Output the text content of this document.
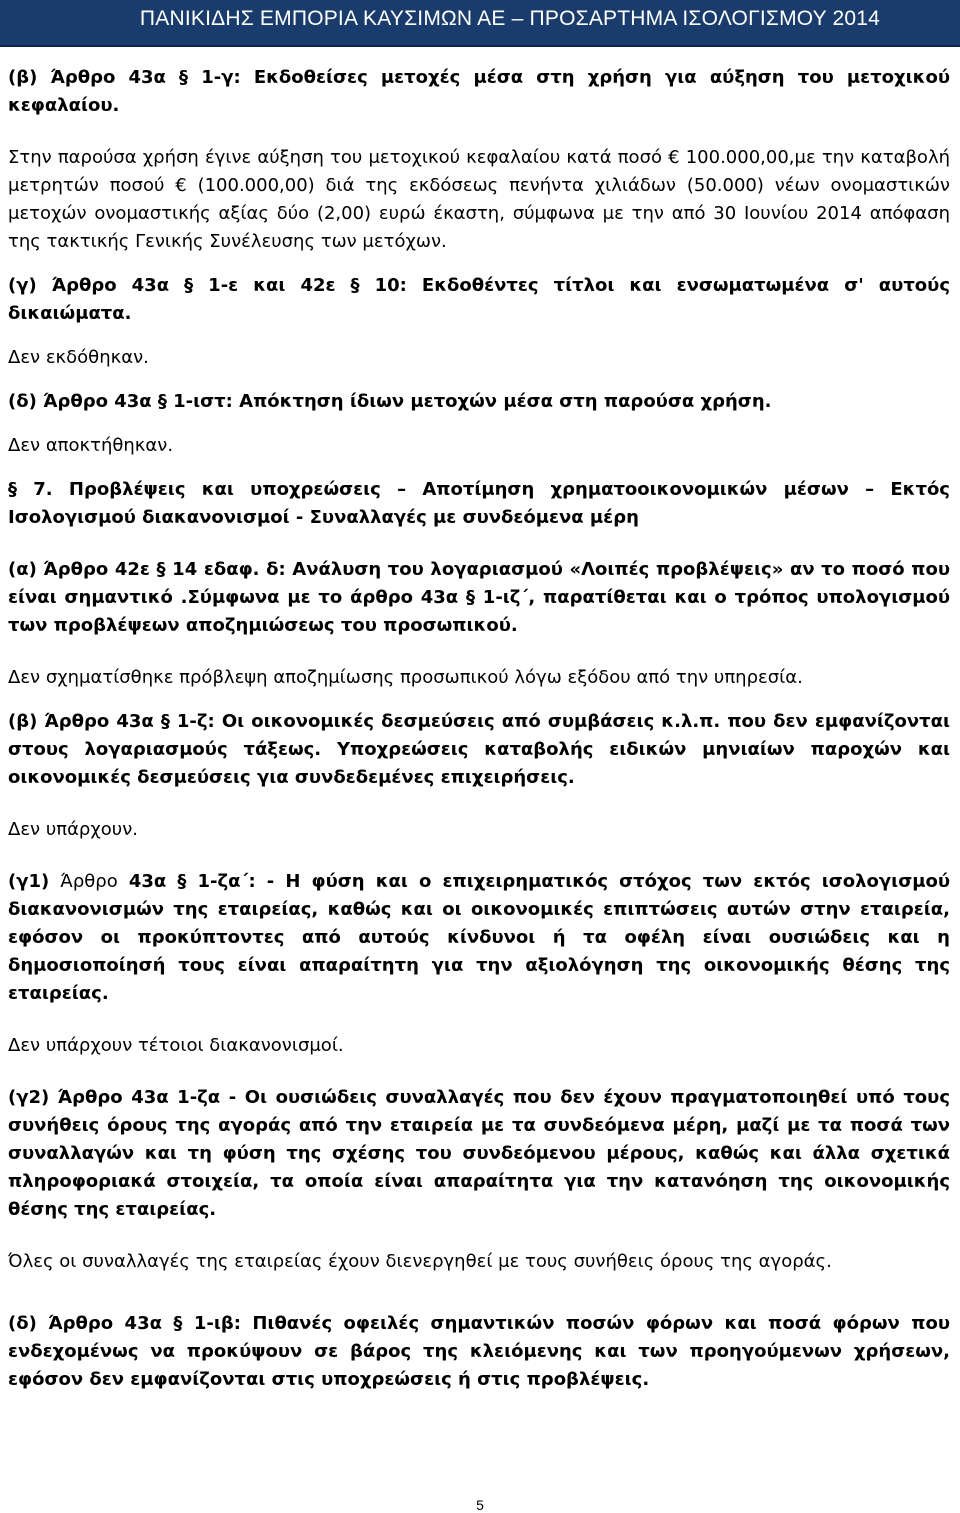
ΠΑΝΙΚΙΔΗΣ ΕΜΠΟΡΙΑ ΚΑΥΣΙΜΩΝ ΑΕ – ΠΡΟΣΑΡΤΗΜΑ ΙΣΟΛΟΓΙΣΜΟΥ 2014

(β) Άρθρο 43α § 1-γ: Εκδοθείσες μετοχές μέσα στη χρήση για αύξηση του μετοχικού κεφαλαίου.

Στην παρούσα χρήση έγινε αύξηση του μετοχικού κεφαλαίου κατά ποσό € 100.000,00,με την καταβολή μετρητών ποσού € (100.000,00) διά της εκδόσεως πενήντα χιλιάδων (50.000) νέων ονομαστικών μετοχών ονομαστικής αξίας δύο (2,00) ευρώ έκαστη, σύμφωνα με την από 30 Ιουνίου 2014 απόφαση της τακτικής Γενικής Συνέλευσης των μετόχων.

(γ) Άρθρο 43α § 1-ε και 42ε § 10: Εκδοθέντες τίτλοι και ενσωματωμένα σ' αυτούς δικαιώματα.

Δεν εκδόθηκαν.

(δ) Άρθρο 43α § 1-ιστ: Απόκτηση ίδιων μετοχών μέσα στη παρούσα χρήση.

Δεν αποκτήθηκαν.

§ 7. Προβλέψεις και υποχρεώσεις – Αποτίμηση χρηματοοικονομικών μέσων – Εκτός Ισολογισμού διακανονισμοί - Συναλλαγές με συνδεόμενα μέρη

(α) Άρθρο 42ε § 14 εδαφ. δ: Ανάλυση του λογαριασμού «Λοιπές προβλέψεις» αν το ποσό που είναι σημαντικό .Σύμφωνα με το άρθρο 43α § 1-ιζ΄, παρατίθεται και ο τρόπος υπολογισμού των προβλέψεων αποζημιώσεως του προσωπικού.

Δεν σχηματίσθηκε πρόβλεψη αποζημίωσης προσωπικού λόγω εξόδου από την υπηρεσία.

(β) Άρθρο 43α § 1-ζ: Οι οικονομικές δεσμεύσεις από συμβάσεις κ.λ.π. που δεν εμφανίζονται στους λογαριασμούς τάξεως. Υποχρεώσεις καταβολής ειδικών μηνιαίων παροχών και οικονομικές δεσμεύσεις για συνδεδεμένες επιχειρήσεις.

Δεν υπάρχουν.

(γ1) Άρθρο 43α § 1-ζα΄: - Η φύση και ο επιχειρηματικός στόχος των εκτός ισολογισμού διακανονισμών της εταιρείας, καθώς και οι οικονομικές επιπτώσεις αυτών στην εταιρεία, εφόσον οι προκύπτοντες από αυτούς κίνδυνοι ή τα οφέλη είναι ουσιώδεις και η δημοσιοποίησή τους είναι απαραίτητη για την αξιολόγηση της οικονομικής θέσης της εταιρείας.

Δεν υπάρχουν τέτοιοι διακανονισμοί.

(γ2) Άρθρο 43α 1-ζα - Οι ουσιώδεις συναλλαγές που δεν έχουν πραγματοποιηθεί υπό τους συνήθεις όρους της αγοράς από την εταιρεία με τα συνδεόμενα μέρη, μαζί με τα ποσά των συναλλαγών και τη φύση της σχέσης του συνδεόμενου μέρους, καθώς και άλλα σχετικά πληροφοριακά στοιχεία, τα οποία είναι απαραίτητα για την κατανόηση της οικονομικής θέσης της εταιρείας.

Όλες οι συναλλαγές της εταιρείας έχουν διενεργηθεί με τους συνήθεις όρους της αγοράς.

(δ) Άρθρο 43α § 1-ιβ: Πιθανές οφειλές σημαντικών ποσών φόρων και ποσά φόρων που ενδεχομένως να προκύψουν σε βάρος της κλειόμενης και των προηγούμενων χρήσεων, εφόσον δεν εμφανίζονται στις υποχρεώσεις ή στις προβλέψεις.

5
